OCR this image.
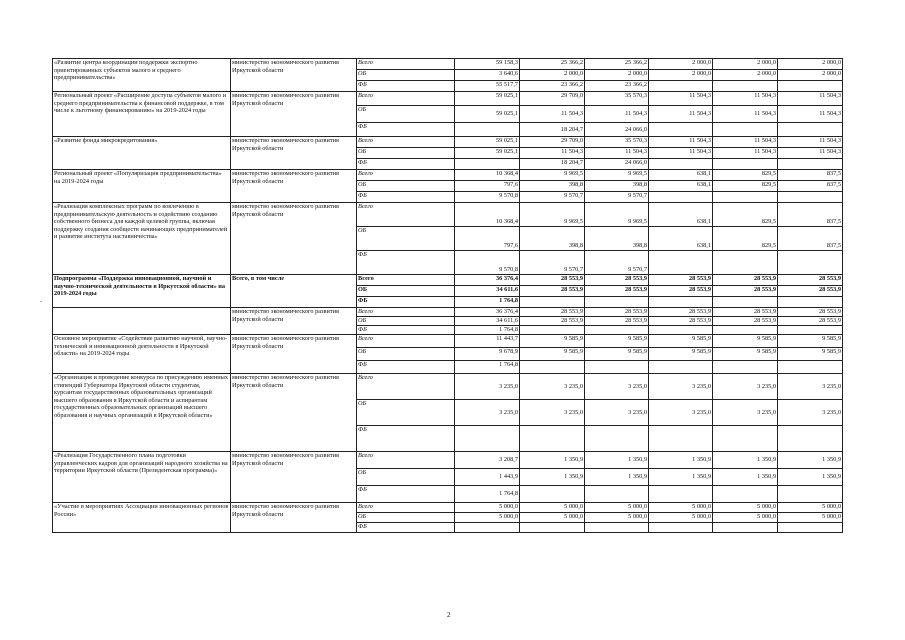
«Развитие центра координации поддержки экспортно ориентированных субъектов малого и среднего предпринимательства»	министерство экономического развития Иркутской области	Всего	59 158,3	25 366,2	25 366,2	2 000,0	2 000,0	2 000,0
		ОБ	3 640,6	2 000,0	2 000,0	2 000,0	2 000,0	2 000,0
		ФБ	55 517,7	23 366,2	23 366,2			
Региональный проект «Расширение доступа субъектов малого и среднего предпринимательства к финансовой поддержке, в том числе к льготному финансированию» на 2019-2024 годы	министерство экономического развития Иркутской области	Всего	59 025,1	29 709,0	35 570,3	11 504,3	11 504,3	11 504,3
		ОБ	59 025,1	11 504,3	11 504,3	11 504,3	11 504,3	11 504,3
		ФБ		18 204,7	24 066,0			
«Развитие фонда микрокредитования»	министерство экономического развития Иркутской области	Всего	59 025,1	29 709,0	35 570,3	11 504,3	11 504,3	11 504,3
		ОБ	59 025,1	11 504,3	11 504,3	11 504,3	11 504,3	11 504,3
		ФБ		18 204,7	24 066,0			
Региональный проект «Популяризация предпринимательства» на 2019-2024 годы	министерство экономического развития Иркутской области	Всего	10 368,4	9 969,5	9 969,5	638,1	829,5	837,5
		ОБ	797,6	398,8	398,8	638,1	829,5	837,5
		ФБ	9 570,8	9 570,7	9 570,7			
«Реализация комплексных программ по вовлечению в предпринимательскую деятельность и содействию созданию собственного бизнеса для каждой целевой группы, включая поддержку создания сообществ начинающих предпринимателей и развитие института наставничества»	министерство экономического развития Иркутской области	Всего	10 368,4	9 969,5	9 969,5	638,1	829,5	837,5
		ОБ	797,6	398,8	398,8	638,1	829,5	837,5
		ФБ	9 570,8	9 570,7	9 570,7			
Подпрограмма «Поддержка инновационной, научной и научно-технической деятельности в Иркутской области» на 2019-2024 годы	Всего, в том числе	Всего	36 376,4	28 553,9	28 553,9	28 553,9	28 553,9	28 553,9
		ОБ	34 611,6	28 553,9	28 553,9	28 553,9	28 553,9	28 553,9
		ФБ	1 764,8					
	министерство экономического развития Иркутской области	Всего	36 376,4	28 553,9	28 553,9	28 553,9	28 553,9	28 553,9
		ОБ	34 611,6	28 553,9	28 553,9	28 553,9	28 553,9	28 553,9
		ФБ	1 764,8					
Основное мероприятие «Содействие развитию научной, научно-технической и инновационной деятельности в Иркутской области» на 2019-2024 годы	министерство экономического развития Иркутской области	Всего	11 443,7	9 585,9	9 585,9	9 585,9	9 585,9	9 585,9
		ОБ	9 678,9	9 585,9	9 585,9	9 585,9	9 585,9	9 585,9
		ФБ	1 764,8					
«Организация и проведение конкурса по присуждению именных стипендий Губернатора Иркутской области студентам, курсантам государственных образовательных организаций высшего образования в Иркутской области и аспирантам государственных образовательных организаций высшего образования и научных организаций в Иркутской области»	министерство экономического развития Иркутской области	Всего	3 235,0	3 235,0	3 235,0	3 235,0	3 235,0	3 235,0
		ОБ	3 235,0	3 235,0	3 235,0	3 235,0	3 235,0	3 235,0
		ФБ						
«Реализация Государственного плана подготовки управленческих кадров для организаций народного хозяйства на территории Иркутской области (Президентская программа)»	министерство экономического развития Иркутской области	Всего	3 208,7	1 350,9	1 350,9	1 350,9	1 350,9	1 350,9
		ОБ	1 443,9	1 350,9	1 350,9	1 350,9	1 350,9	1 350,9
		ФБ	1 764,8					
«Участие в мероприятиях Ассоциации инновационных регионов России»	министерство экономического развития Иркутской области	Всего	5 000,0	5 000,0	5 000,0	5 000,0	5 000,0	5 000,0
		ОБ	5 000,0	5 000,0	5 000,0	5 000,0	5 000,0	5 000,0
		ФБ						
-
2
